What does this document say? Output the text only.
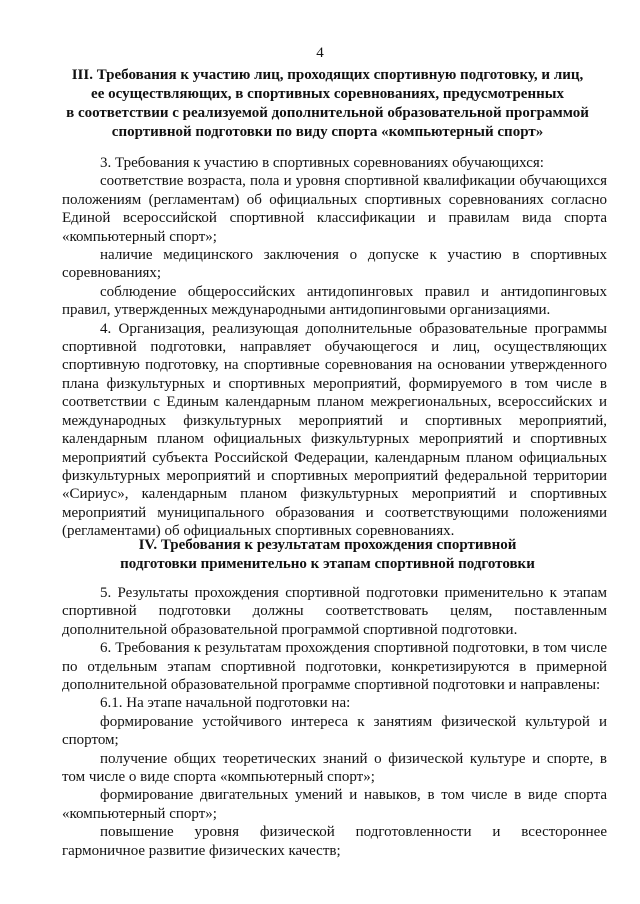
4
III. Требования к участию лиц, проходящих спортивную подготовку, и лиц,
ее осуществляющих, в спортивных соревнованиях, предусмотренных
в соответствии с реализуемой дополнительной образовательной программой
спортивной подготовки по виду спорта «компьютерный спорт»

3. Требования к участию в спортивных соревнованиях обучающихся:

соответствие возраста, пола и уровня спортивной квалификации обучающихся положениям (регламентам) об официальных спортивных соревнованиях согласно Единой всероссийской спортивной классификации и правилам вида спорта «компьютерный спорт»;

наличие медицинского заключения о допуске к участию в спортивных соревнованиях;

соблюдение общероссийских антидопинговых правил и антидопинговых правил, утвержденных международными антидопинговыми организациями.

4. Организация, реализующая дополнительные образовательные программы спортивной подготовки, направляет обучающегося и лиц, осуществляющих спортивную подготовку, на спортивные соревнования на основании утвержденного плана физкультурных и спортивных мероприятий, формируемого в том числе в соответствии с Единым календарным планом межрегиональных, всероссийских и международных физкультурных мероприятий и спортивных мероприятий, календарным планом официальных физкультурных мероприятий и спортивных мероприятий субъекта Российской Федерации, календарным планом официальных физкультурных мероприятий и спортивных мероприятий федеральной территории «Сириус», календарным планом физкультурных мероприятий и спортивных мероприятий муниципального образования и соответствующими положениями (регламентами) об официальных спортивных соревнованиях.

IV. Требования к результатам прохождения спортивной
подготовки применительно к этапам спортивной подготовки

5. Результаты прохождения спортивной подготовки применительно к этапам спортивной подготовки должны соответствовать целям, поставленным дополнительной образовательной программой спортивной подготовки.

6. Требования к результатам прохождения спортивной подготовки, в том числе по отдельным этапам спортивной подготовки, конкретизируются в примерной дополнительной образовательной программе спортивной подготовки и направлены:

6.1. На этапе начальной подготовки на:

формирование устойчивого интереса к занятиям физической культурой и спортом;

получение общих теоретических знаний о физической культуре и спорте, в том числе о виде спорта «компьютерный спорт»;

формирование двигательных умений и навыков, в том числе в виде спорта «компьютерный спорт»;

повышение уровня физической подготовленности и всестороннее гармоничное развитие физических качеств;
